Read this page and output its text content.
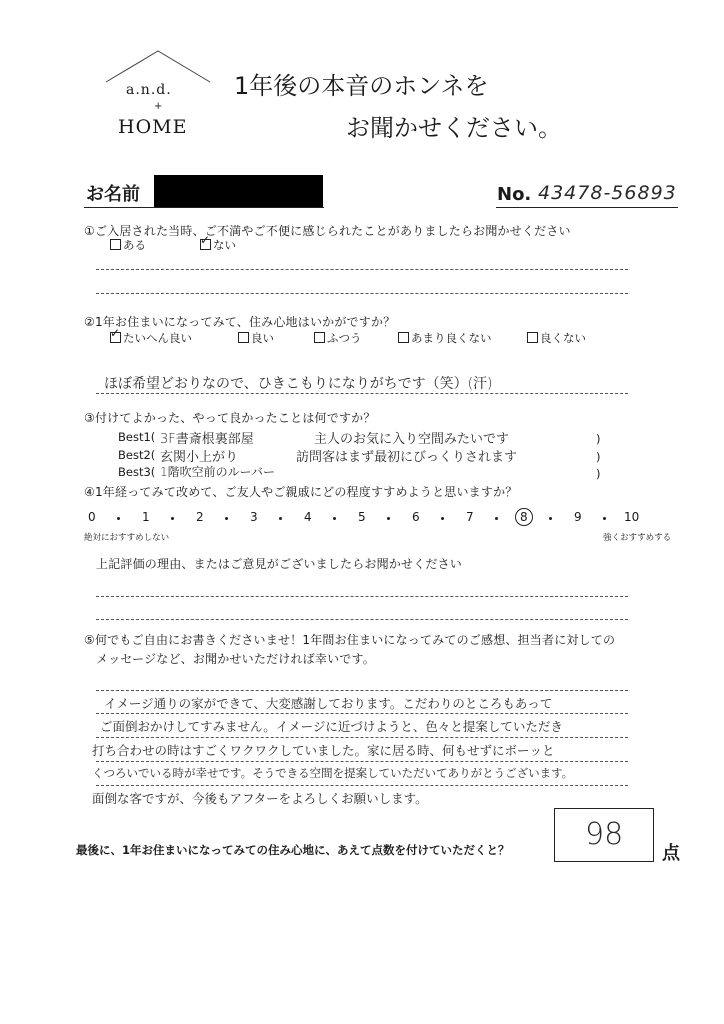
a.n.d.
+
HOME
1年後の本音のホンネを
お聞かせください。
お名前	No. 43478-56893
①ご入居された当時、ご不満やご不便に感じられたことがありましたらお聞かせください
ある
✓	ない
②1年お住まいになってみて、住み心地はいかがですか？
✓たいへん良い	良い	ふつう	あまり良くない	良くない
ほぼ希望どおりなので、ひきこもりになりがちです（笑）(汗)
③付けてよかった、やって良かったことは何ですか？
Best1( 3F書斎根裏部屋	主人のお気に入り空間みたいです	)
Best2( 玄関小上がり	訪問客はまず最初にびっくりされます	)
Best3( 1階吹空前のルーバー	)
④1年経ってみて改めて、ご友人やご親戚にどの程度すすめようと思いますか？
0	1	2	3	4	5	6	7	8	9	10
絶対におすすめしない	強くおすすめする
上記評価の理由、またはご意見がございましたらお聞かせください
⑤何でもご自由にお書きくださいませ！1年間お住まいになってみてのご感想、担当者に対しての
メッセージなど、お聞かせいただければ幸いです。
イメージ通りの家ができて、大変感謝しております。こだわりのところもあって
ご面倒おかけしてすみません。イメージに近づけようと、色々と提案していただき
打ち合わせの時はすごくワクワクしていました。家に居る時、何もせずにボーッと
くつろいでいる時が幸せです。そうできる空間を提案していただいてありがとうございます。
面倒な客ですが、今後もアフターをよろしくお願いします。
最後に、1年お住まいになってみての住み心地に、あえて点数を付けていただくと？	98
点
